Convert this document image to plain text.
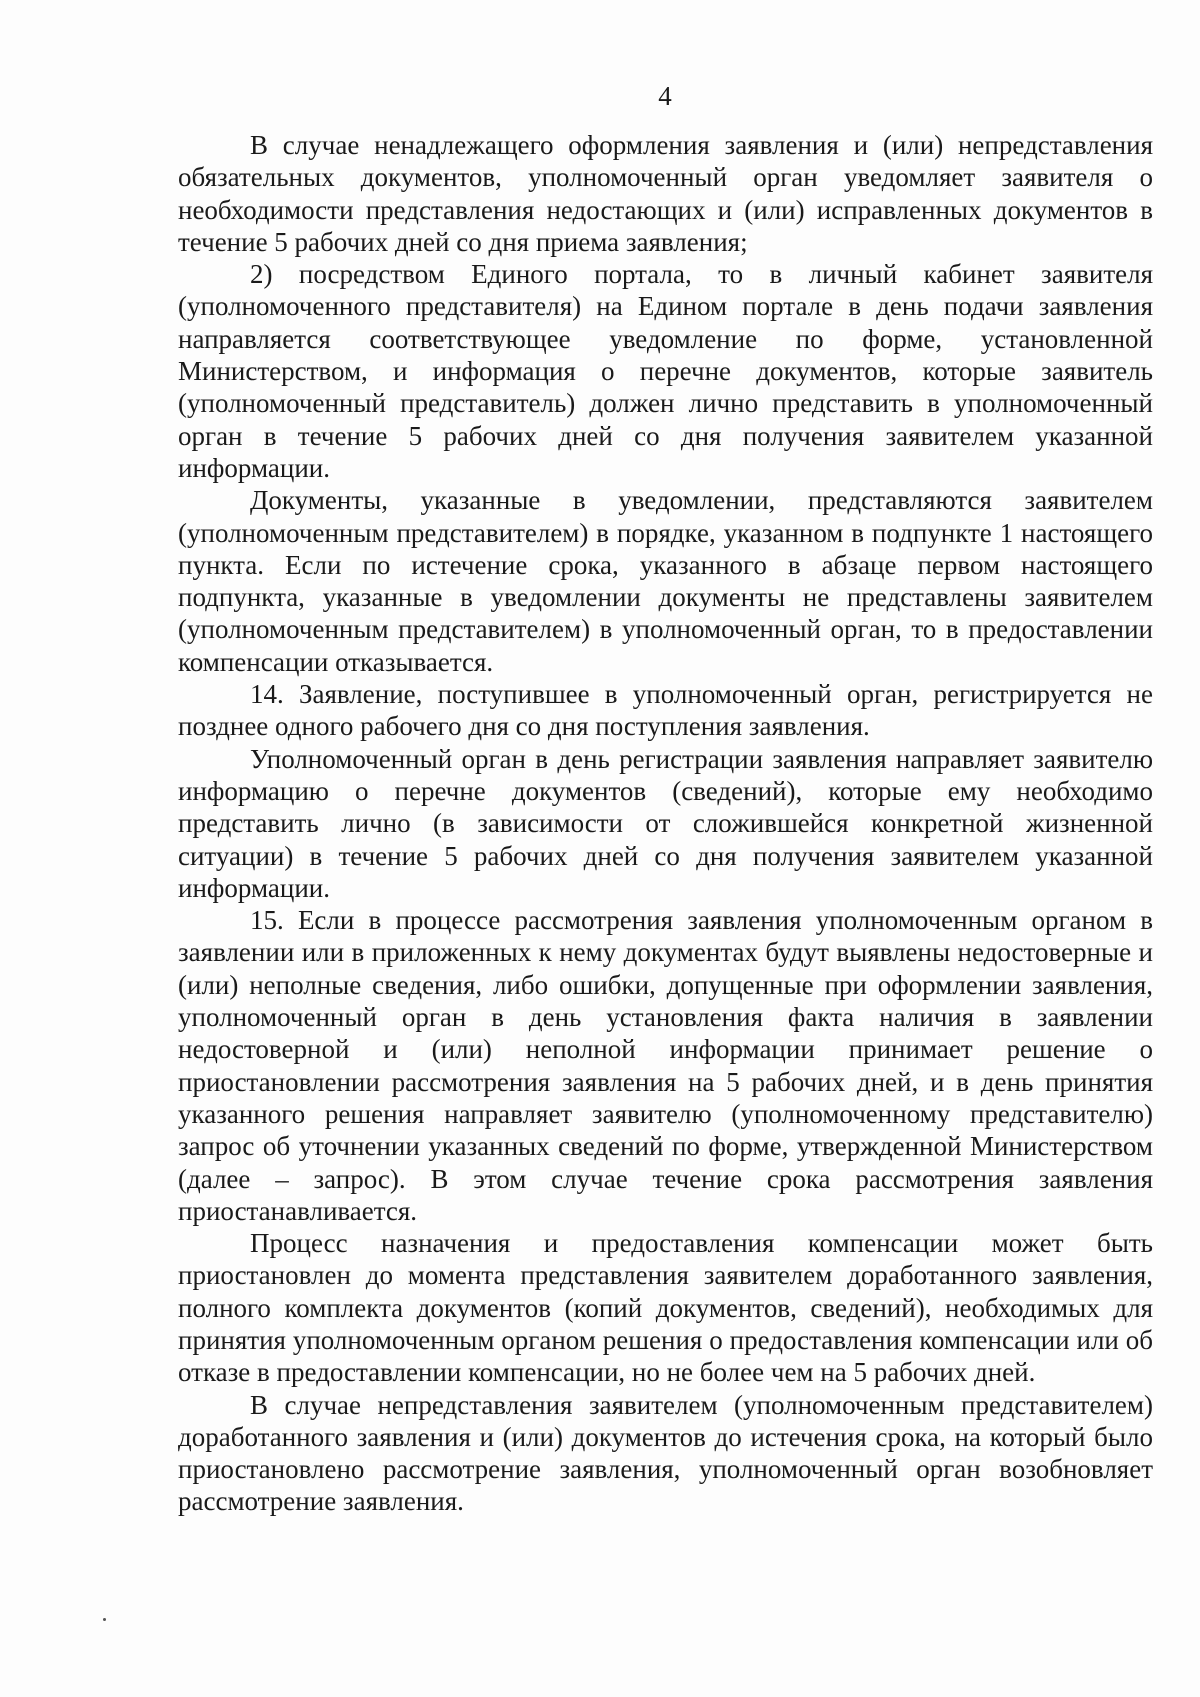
4

В случае ненадлежащего оформления заявления и (или) непредставления обязательных документов, уполномоченный орган уведомляет заявителя о необходимости представления недостающих и (или) исправленных документов в течение 5 рабочих дней со дня приема заявления;

2) посредством Единого портала, то в личный кабинет заявителя (уполномоченного представителя) на Едином портале в день подачи заявления направляется соответствующее уведомление по форме, установленной Министерством, и информация о перечне документов, которые заявитель (уполномоченный представитель) должен лично представить в уполномоченный орган в течение 5 рабочих дней со дня получения заявителем указанной информации.

Документы, указанные в уведомлении, представляются заявителем (уполномоченным представителем) в порядке, указанном в подпункте 1 настоящего пункта. Если по истечение срока, указанного в абзаце первом настоящего подпункта, указанные в уведомлении документы не представлены заявителем (уполномоченным представителем) в уполномоченный орган, то в предоставлении компенсации отказывается.

14. Заявление, поступившее в уполномоченный орган, регистрируется не позднее одного рабочего дня со дня поступления заявления.

Уполномоченный орган в день регистрации заявления направляет заявителю информацию о перечне документов (сведений), которые ему необходимо представить лично (в зависимости от сложившейся конкретной жизненной ситуации) в течение 5 рабочих дней со дня получения заявителем указанной информации.

15. Если в процессе рассмотрения заявления уполномоченным органом в заявлении или в приложенных к нему документах будут выявлены недостоверные и (или) неполные сведения, либо ошибки, допущенные при оформлении заявления, уполномоченный орган в день установления факта наличия в заявлении недостоверной и (или) неполной информации принимает решение о приостановлении рассмотрения заявления на 5 рабочих дней, и в день принятия указанного решения направляет заявителю (уполномоченному представителю) запрос об уточнении указанных сведений по форме, утвержденной Министерством (далее – запрос). В этом случае течение срока рассмотрения заявления приостанавливается.

Процесс назначения и предоставления компенсации может быть приостановлен до момента представления заявителем доработанного заявления, полного комплекта документов (копий документов, сведений), необходимых для принятия уполномоченным органом решения о предоставления компенсации или об отказе в предоставлении компенсации, но не более чем на 5 рабочих дней.

В случае непредставления заявителем (уполномоченным представителем) доработанного заявления и (или) документов до истечения срока, на который было приостановлено рассмотрение заявления, уполномоченный орган возобновляет рассмотрение заявления.
